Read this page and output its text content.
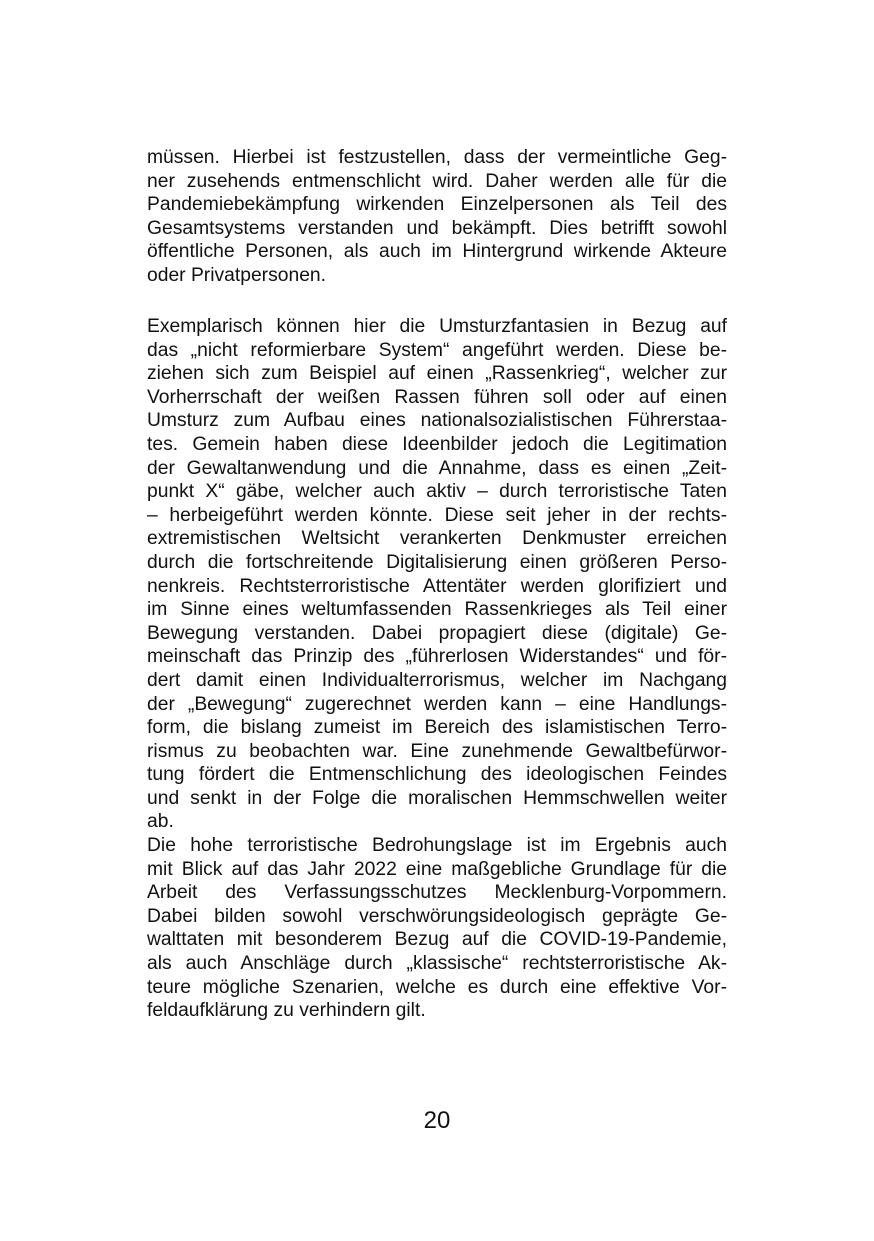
müssen. Hierbei ist festzustellen, dass der vermeintliche Geg-
ner zusehends entmenschlicht wird. Daher werden alle für die
Pandemiebekämpfung wirkenden Einzelpersonen als Teil des
Gesamtsystems verstanden und bekämpft. Dies betrifft sowohl
öffentliche Personen, als auch im Hintergrund wirkende Akteure
oder Privatpersonen.
Exemplarisch können hier die Umsturzfantasien in Bezug auf
das „nicht reformierbare System“ angeführt werden. Diese be-
ziehen sich zum Beispiel auf einen „Rassenkrieg“, welcher zur
Vorherrschaft der weißen Rassen führen soll oder auf einen
Umsturz zum Aufbau eines nationalsozialistischen Führerstaa-
tes. Gemein haben diese Ideenbilder jedoch die Legitimation
der Gewaltanwendung und die Annahme, dass es einen „Zeit-
punkt X“ gäbe, welcher auch aktiv – durch terroristische Taten
– herbeigeführt werden könnte. Diese seit jeher in der rechts-
extremistischen Weltsicht verankerten Denkmuster erreichen
durch die fortschreitende Digitalisierung einen größeren Perso-
nenkreis. Rechtsterroristische Attentäter werden glorifiziert und
im Sinne eines weltumfassenden Rassenkrieges als Teil einer
Bewegung verstanden. Dabei propagiert diese (digitale) Ge-
meinschaft das Prinzip des „führerlosen Widerstandes“ und för-
dert damit einen Individualterrorismus, welcher im Nachgang
der „Bewegung“ zugerechnet werden kann – eine Handlungs-
form, die bislang zumeist im Bereich des islamistischen Terro-
rismus zu beobachten war. Eine zunehmende Gewaltbefürwor-
tung fördert die Entmenschlichung des ideologischen Feindes
und senkt in der Folge die moralischen Hemmschwellen weiter
ab.
Die hohe terroristische Bedrohungslage ist im Ergebnis auch
mit Blick auf das Jahr 2022 eine maßgebliche Grundlage für die
Arbeit des Verfassungsschutzes Mecklenburg-Vorpommern.
Dabei bilden sowohl verschwörungsideologisch geprägte Ge-
walttaten mit besonderem Bezug auf die COVID-19-Pandemie,
als auch Anschläge durch „klassische“ rechtsterroristische Ak-
teure mögliche Szenarien, welche es durch eine effektive Vor-
feldaufklärung zu verhindern gilt.
20
